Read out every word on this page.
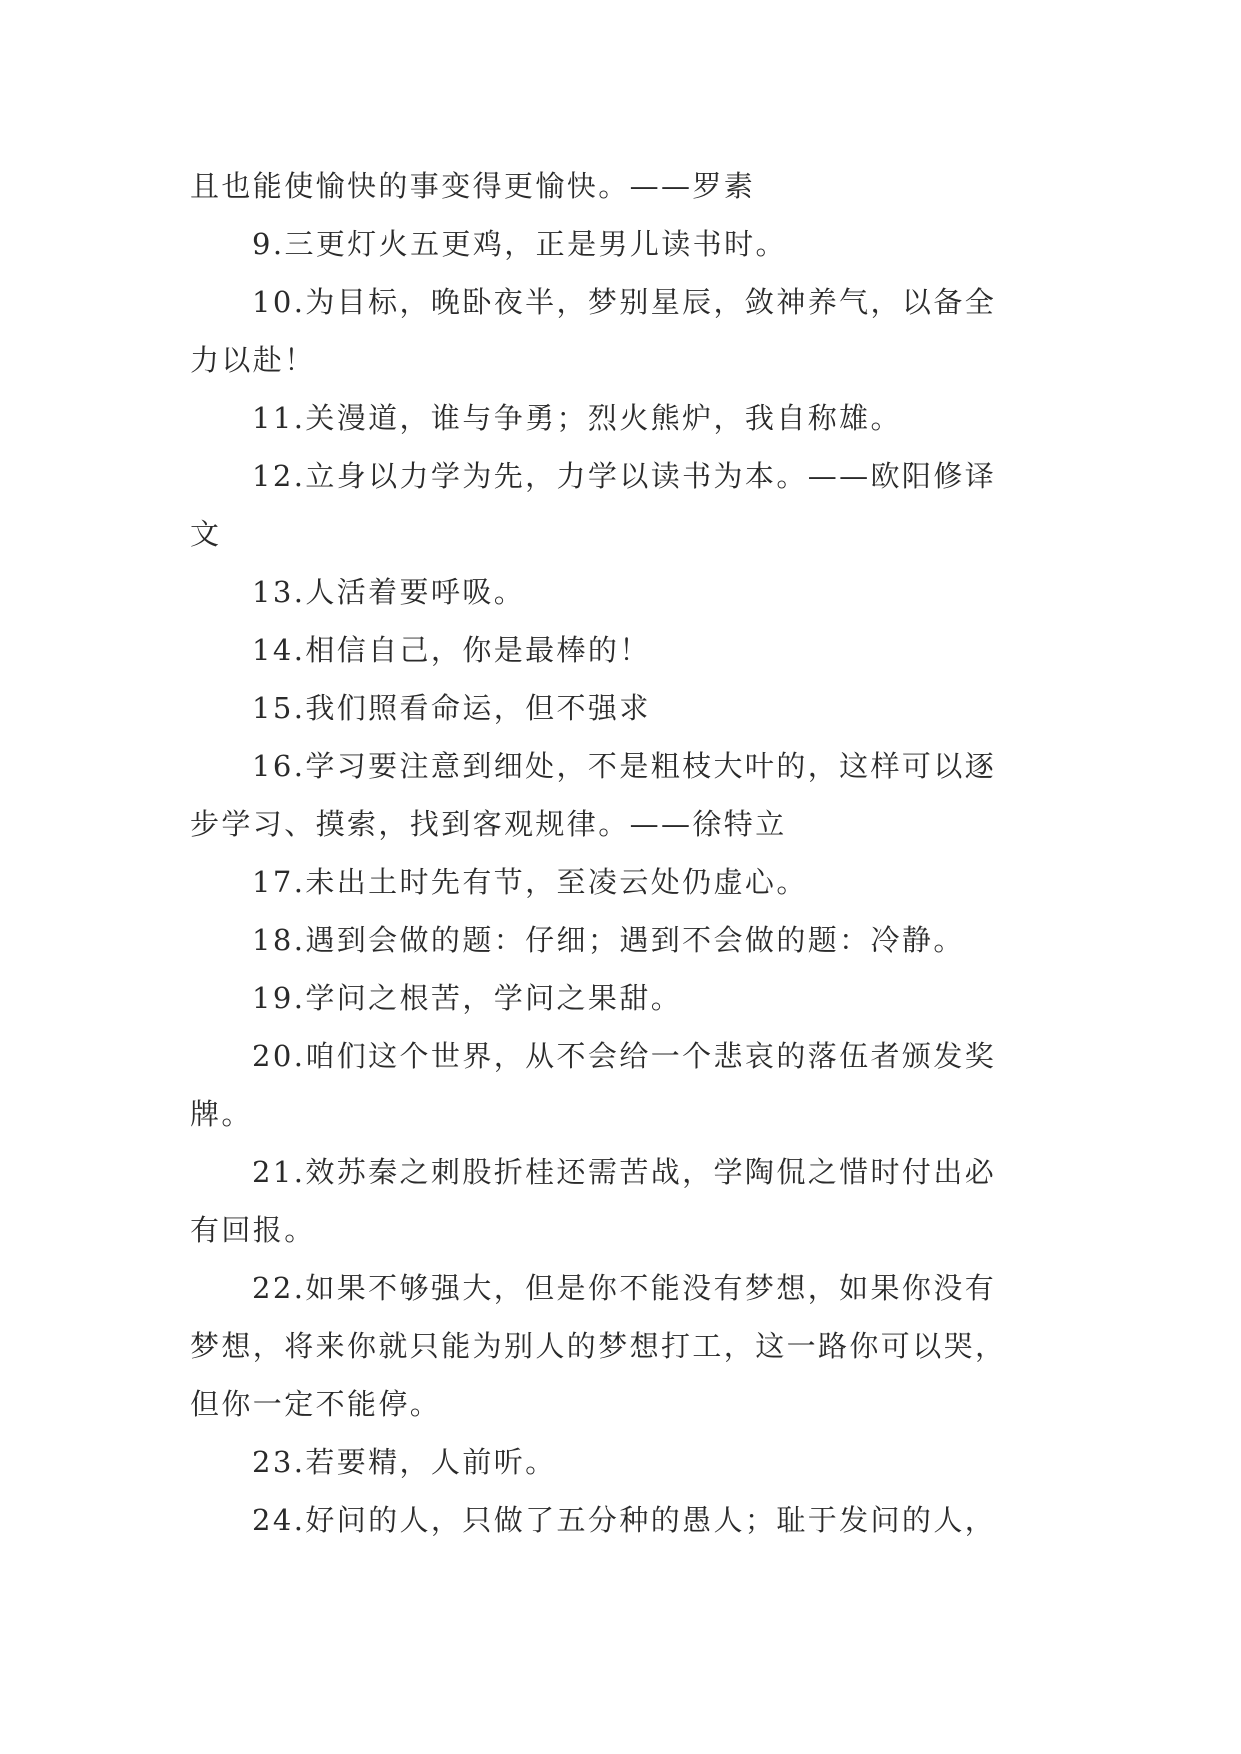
且也能使愉快的事变得更愉快。——罗素
9.三更灯火五更鸡，正是男儿读书时。
10.为目标，晚卧夜半，梦别星辰，敛神养气，以备全
力以赴！
11.关漫道，谁与争勇；烈火熊炉，我自称雄。
12.立身以力学为先，力学以读书为本。——欧阳修译
文
13.人活着要呼吸。
14.相信自己，你是最棒的！
15.我们照看命运，但不强求
16.学习要注意到细处，不是粗枝大叶的，这样可以逐
步学习、摸索，找到客观规律。——徐特立
17.未出土时先有节，至凌云处仍虚心。
18.遇到会做的题：仔细；遇到不会做的题：冷静。
19.学问之根苦，学问之果甜。
20.咱们这个世界，从不会给一个悲哀的落伍者颁发奖
牌。
21.效苏秦之刺股折桂还需苦战，学陶侃之惜时付出必
有回报。
22.如果不够强大，但是你不能没有梦想，如果你没有
梦想，将来你就只能为别人的梦想打工，这一路你可以哭，
但你一定不能停。
23.若要精，人前听。
24.好问的人，只做了五分种的愚人；耻于发问的人，
